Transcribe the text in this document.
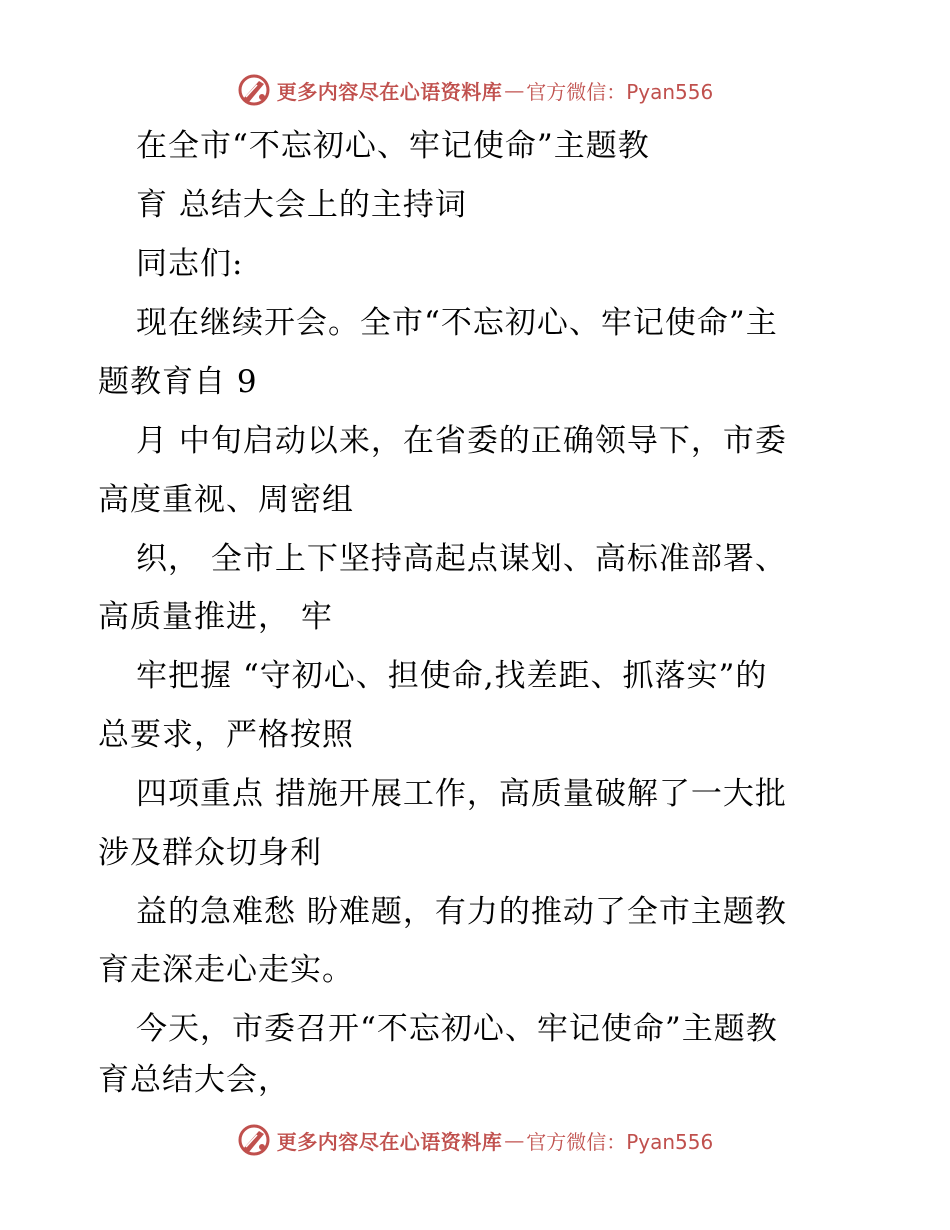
更多内容尽在心语资料库 — 官方微信：Pyan556
在全市“不忘初心、牢记使命”主题教
育 总结大会上的主持词
同志们:
现在继续开会。全市“不忘初心、牢记使命”主
题教育自 9
月 中旬启动以来，在省委的正确领导下，市委
高度重视、周密组
织， 全市上下坚持高起点谋划、高标准部署、
高质量推进， 牢
牢把握 “守初心、担使命,找差距、抓落实”的
总要求，严格按照
四项重点 措施开展工作，高质量破解了一大批
涉及群众切身利
益的急难愁 盼难题，有力的推动了全市主题教
育走深走心走实。
今天，市委召开“不忘初心、牢记使命”主题教
育总结大会，
更多内容尽在心语资料库 — 官方微信：Pyan556
